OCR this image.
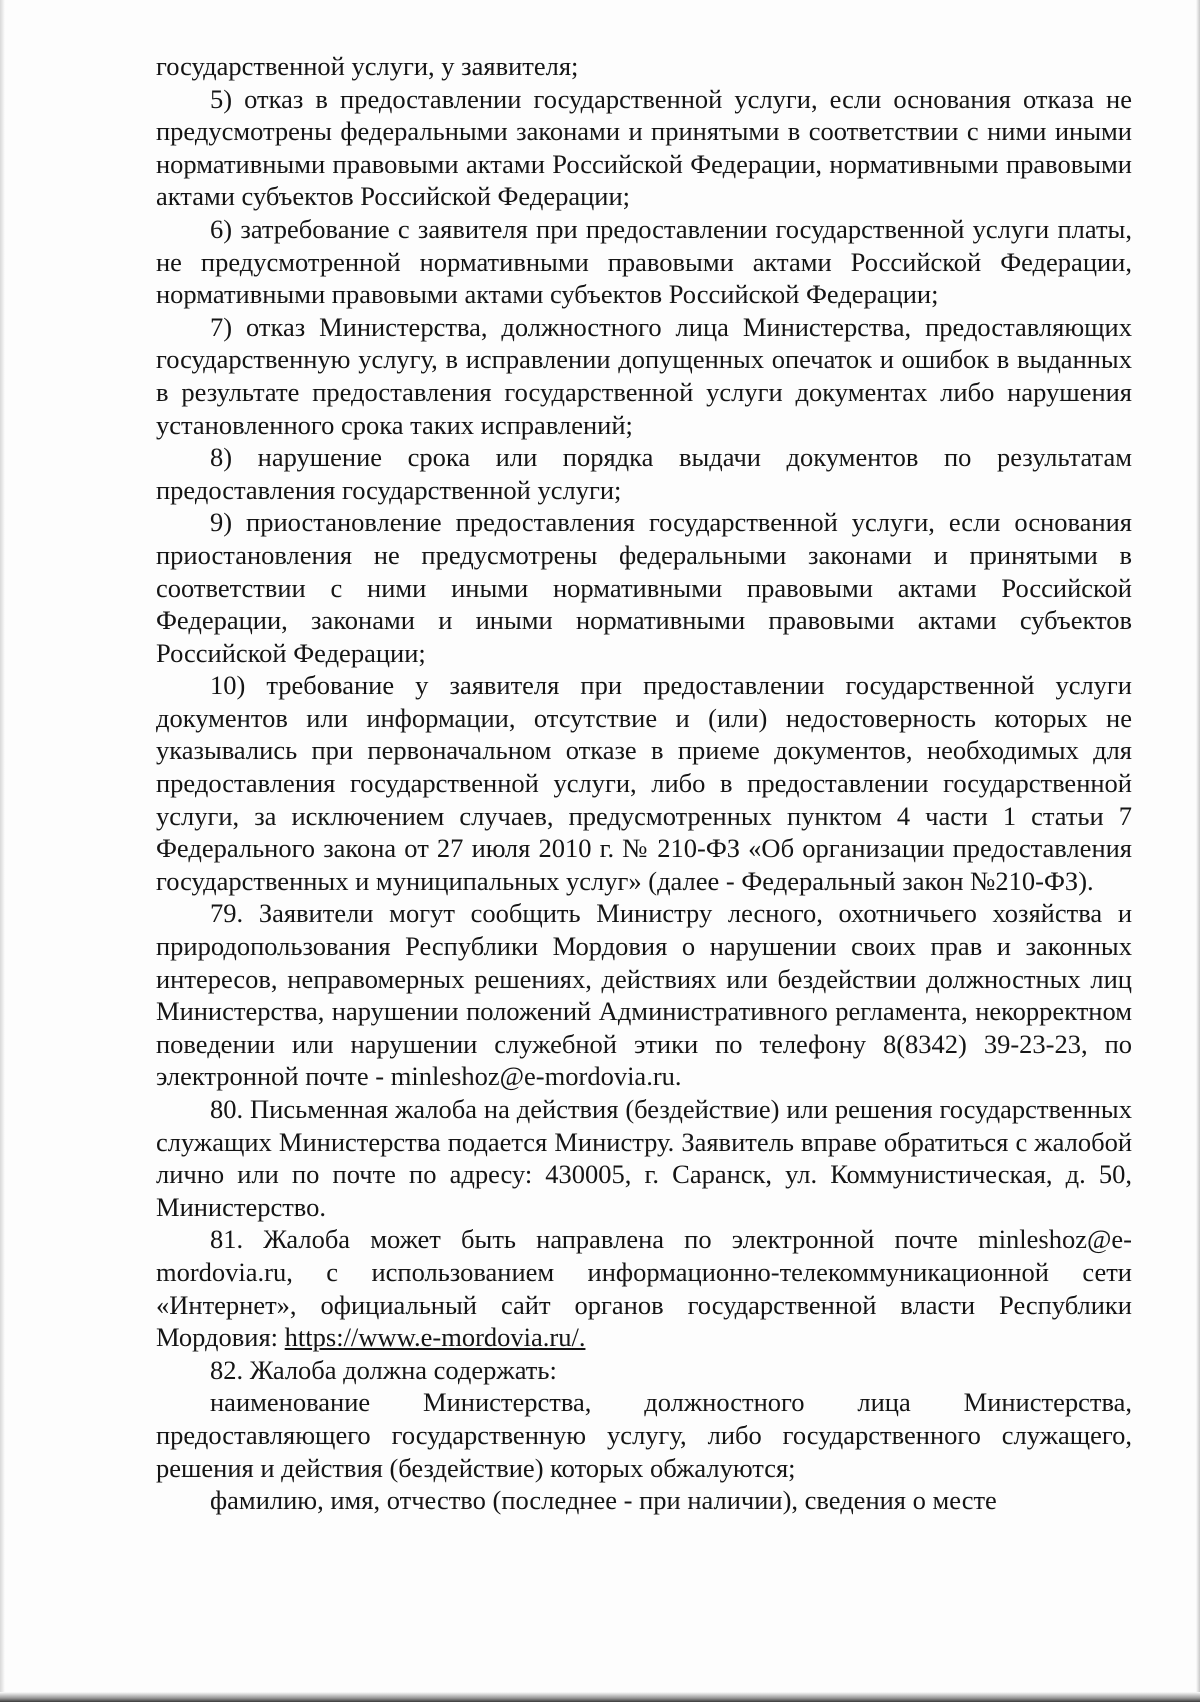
государственной услуги, у заявителя;

5) отказ в предоставлении государственной услуги, если основания отказа не предусмотрены федеральными законами и принятыми в соответствии с ними иными нормативными правовыми актами Российской Федерации, нормативными правовыми актами субъектов Российской Федерации;

6) затребование с заявителя при предоставлении государственной услуги платы, не предусмотренной нормативными правовыми актами Российской Федерации, нормативными правовыми актами субъектов Российской Федерации;

7) отказ Министерства, должностного лица Министерства, предоставляющих государственную услугу, в исправлении допущенных опечаток и ошибок в выданных в результате предоставления государственной услуги документах либо нарушения установленного срока таких исправлений;

8) нарушение срока или порядка выдачи документов по результатам предоставления государственной услуги;

9) приостановление предоставления государственной услуги, если основания приостановления не предусмотрены федеральными законами и принятыми в соответствии с ними иными нормативными правовыми актами Российской Федерации, законами и иными нормативными правовыми актами субъектов Российской Федерации;

10) требование у заявителя при предоставлении государственной услуги документов или информации, отсутствие и (или) недостоверность которых не указывались при первоначальном отказе в приеме документов, необходимых для предоставления государственной услуги, либо в предоставлении государственной услуги, за исключением случаев, предусмотренных пунктом 4 части 1 статьи 7 Федерального закона от 27 июля 2010 г. № 210-ФЗ «Об организации предоставления государственных и муниципальных услуг» (далее - Федеральный закон №210-ФЗ).

79. Заявители могут сообщить Министру лесного, охотничьего хозяйства и природопользования Республики Мордовия о нарушении своих прав и законных интересов, неправомерных решениях, действиях или бездействии должностных лиц Министерства, нарушении положений Административного регламента, некорректном поведении или нарушении служебной этики по телефону 8(8342) 39-23-23, по электронной почте - minleshoz@e-mordovia.ru.

80. Письменная жалоба на действия (бездействие) или решения государственных служащих Министерства подается Министру. Заявитель вправе обратиться с жалобой лично или по почте по адресу: 430005, г. Саранск, ул. Коммунистическая, д. 50, Министерство.

81. Жалоба может быть направлена по электронной почте minleshoz@e-mordovia.ru, с использованием информационно-телекоммуникационной сети «Интернет», официальный сайт органов государственной власти Республики Мордовия: https://www.e-mordovia.ru/.

82. Жалоба должна содержать:

наименование Министерства, должностного лица Министерства, предоставляющего государственную услугу, либо государственного служащего, решения и действия (бездействие) которых обжалуются;

фамилию, имя, отчество (последнее - при наличии), сведения о месте
